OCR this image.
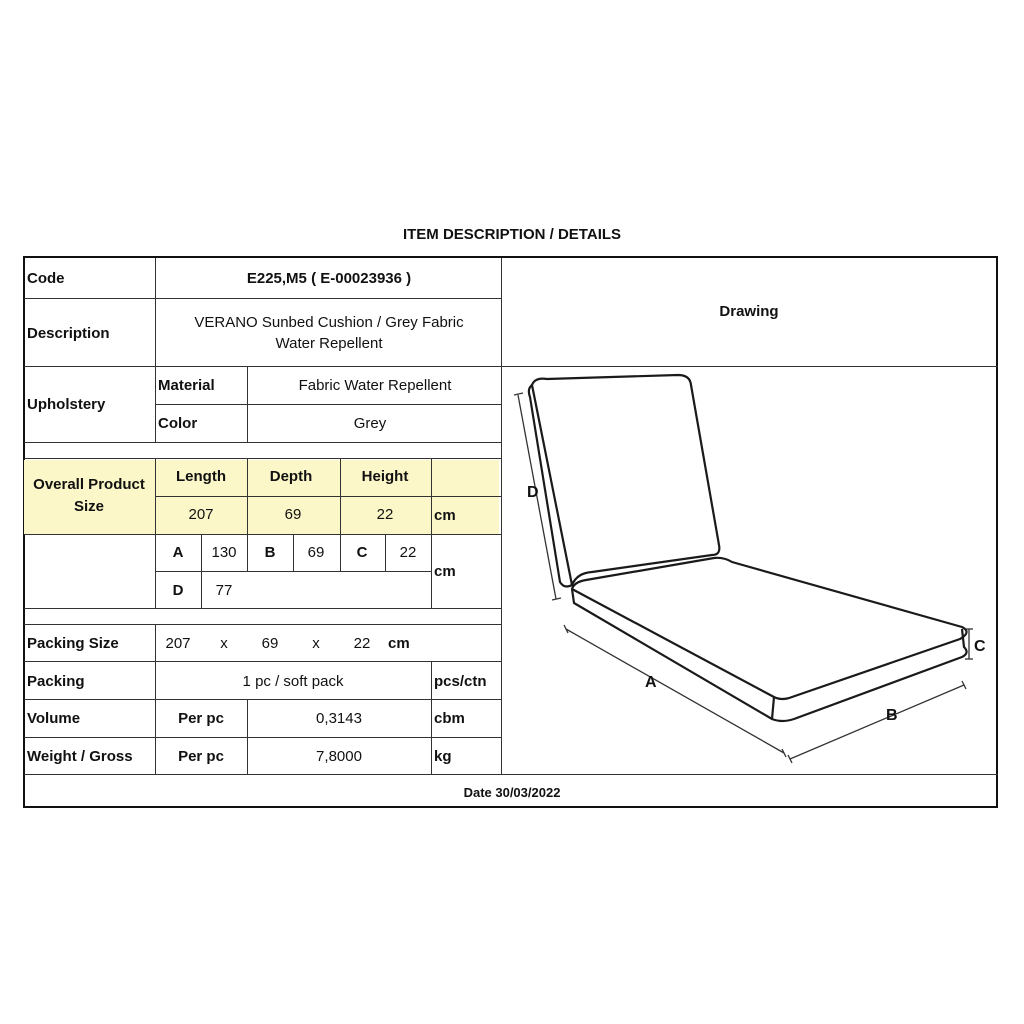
ITEM DESCRIPTION / DETAILS
Code	E225,M5 ( E-00023936 )
Description
VERANO Sunbed Cushion / Grey Fabric
Water Repellent
Drawing
Upholstery
Material	Fabric Water Repellent
Color	Grey
Overall Product
Size
Length	Depth	Height
207	69	22	cm
A 130 B 69 C 22
D 77
cm
Packing Size	207 x 69 x 22 cm
Packing	1 pc / soft pack	pcs/ctn
Volume	Per pc	0,3143	cbm
Weight / Gross	Per pc	7,8000	kg
Date 30/03/2022
D
A
B
C
